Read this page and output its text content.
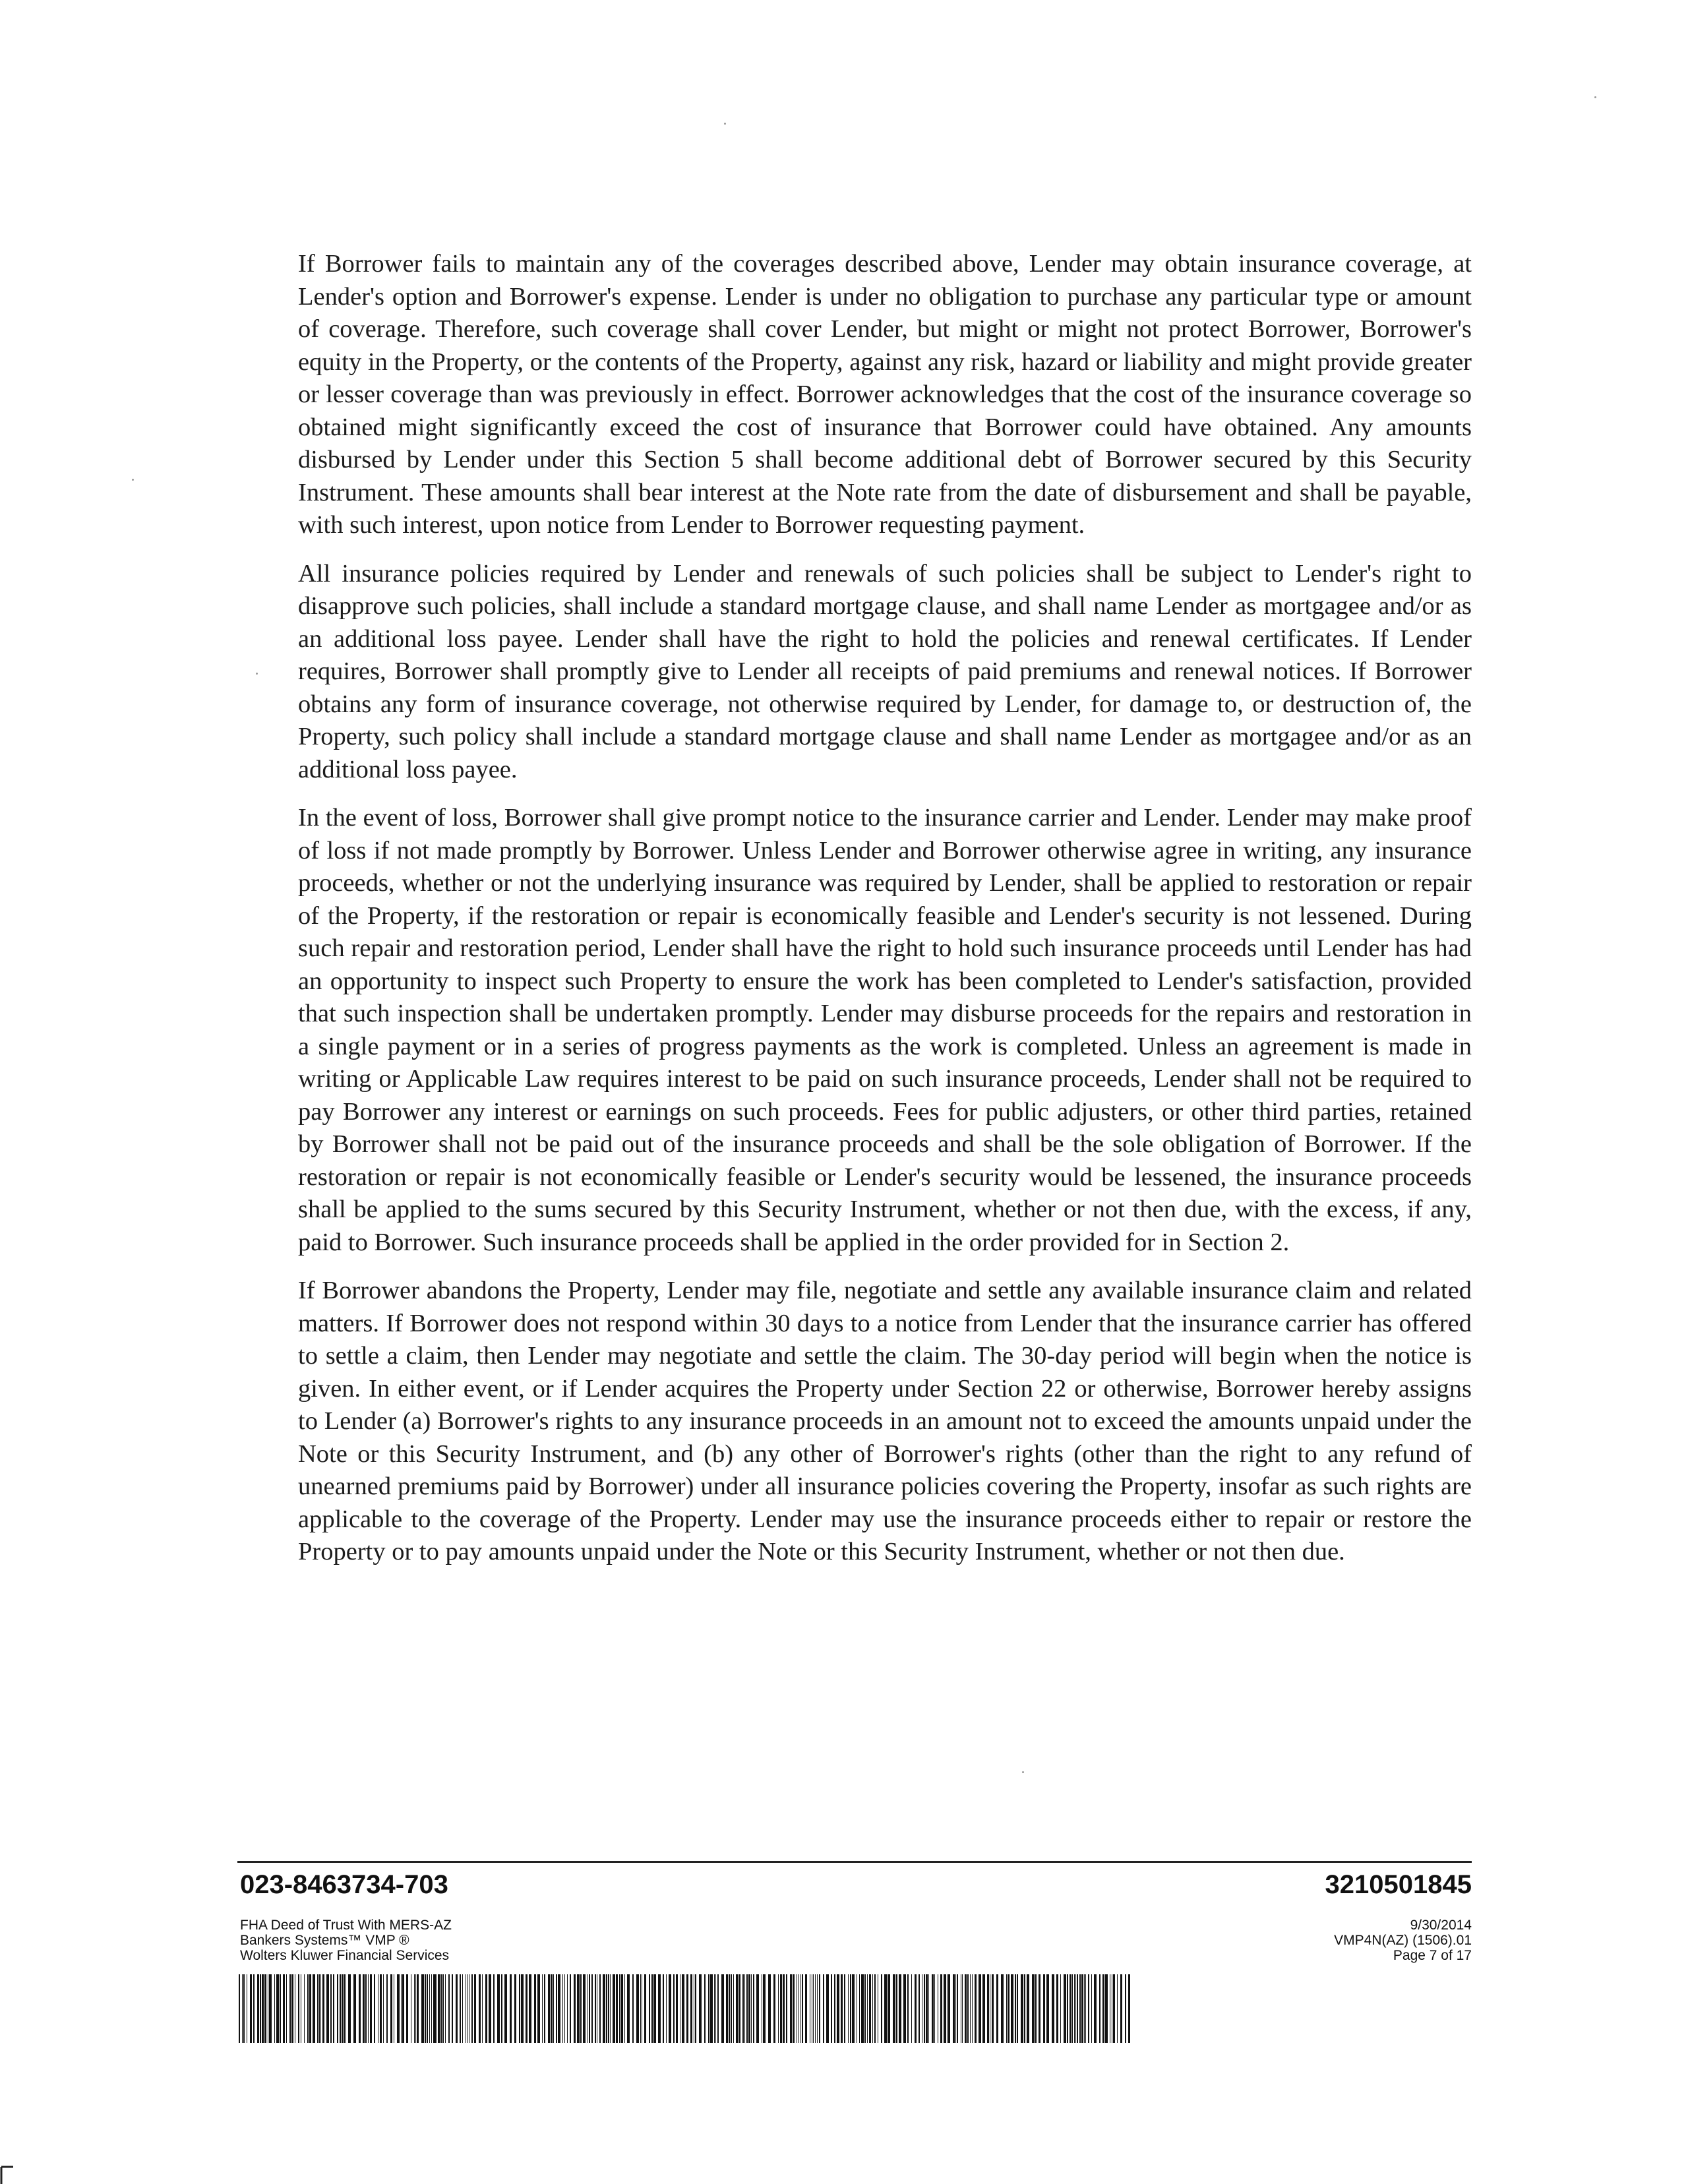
If Borrower fails to maintain any of the coverages described above, Lender may obtain insurance coverage, at Lender's option and Borrower's expense. Lender is under no obligation to purchase any particular type or amount of coverage. Therefore, such coverage shall cover Lender, but might or might not protect Borrower, Borrower's equity in the Property, or the contents of the Property, against any risk, hazard or liability and might provide greater or lesser coverage than was previously in effect. Borrower acknowledges that the cost of the insurance coverage so obtained might significantly exceed the cost of insurance that Borrower could have obtained. Any amounts disbursed by Lender under this Section 5 shall become additional debt of Borrower secured by this Security Instrument. These amounts shall bear interest at the Note rate from the date of disbursement and shall be payable, with such interest, upon notice from Lender to Borrower requesting payment.

All insurance policies required by Lender and renewals of such policies shall be subject to Lender's right to disapprove such policies, shall include a standard mortgage clause, and shall name Lender as mortgagee and/or as an additional loss payee. Lender shall have the right to hold the policies and renewal certificates. If Lender requires, Borrower shall promptly give to Lender all receipts of paid premiums and renewal notices. If Borrower obtains any form of insurance coverage, not otherwise required by Lender, for damage to, or destruction of, the Property, such policy shall include a standard mortgage clause and shall name Lender as mortgagee and/or as an additional loss payee.

In the event of loss, Borrower shall give prompt notice to the insurance carrier and Lender. Lender may make proof of loss if not made promptly by Borrower. Unless Lender and Borrower otherwise agree in writing, any insurance proceeds, whether or not the underlying insurance was required by Lender, shall be applied to restoration or repair of the Property, if the restoration or repair is economically feasible and Lender's security is not lessened. During such repair and restoration period, Lender shall have the right to hold such insurance proceeds until Lender has had an opportunity to inspect such Property to ensure the work has been completed to Lender's satisfaction, provided that such inspection shall be undertaken promptly. Lender may disburse proceeds for the repairs and restoration in a single payment or in a series of progress payments as the work is completed. Unless an agreement is made in writing or Applicable Law requires interest to be paid on such insurance proceeds, Lender shall not be required to pay Borrower any interest or earnings on such proceeds. Fees for public adjusters, or other third parties, retained by Borrower shall not be paid out of the insurance proceeds and shall be the sole obligation of Borrower. If the restoration or repair is not economically feasible or Lender's security would be lessened, the insurance proceeds shall be applied to the sums secured by this Security Instrument, whether or not then due, with the excess, if any, paid to Borrower. Such insurance proceeds shall be applied in the order provided for in Section 2.

If Borrower abandons the Property, Lender may file, negotiate and settle any available insurance claim and related matters. If Borrower does not respond within 30 days to a notice from Lender that the insurance carrier has offered to settle a claim, then Lender may negotiate and settle the claim. The 30-day period will begin when the notice is given. In either event, or if Lender acquires the Property under Section 22 or otherwise, Borrower hereby assigns to Lender (a) Borrower's rights to any insurance proceeds in an amount not to exceed the amounts unpaid under the Note or this Security Instrument, and (b) any other of Borrower's rights (other than the right to any refund of unearned premiums paid by Borrower) under all insurance policies covering the Property, insofar as such rights are applicable to the coverage of the Property. Lender may use the insurance proceeds either to repair or restore the Property or to pay amounts unpaid under the Note or this Security Instrument, whether or not then due.

023-8463734-703	3210501845
FHA Deed of Trust With MERS-AZ
Bankers Systems™ VMP ®
Wolters Kluwer Financial Services
9/30/2014
VMP4N(AZ) (1506).01
Page 7 of 17
